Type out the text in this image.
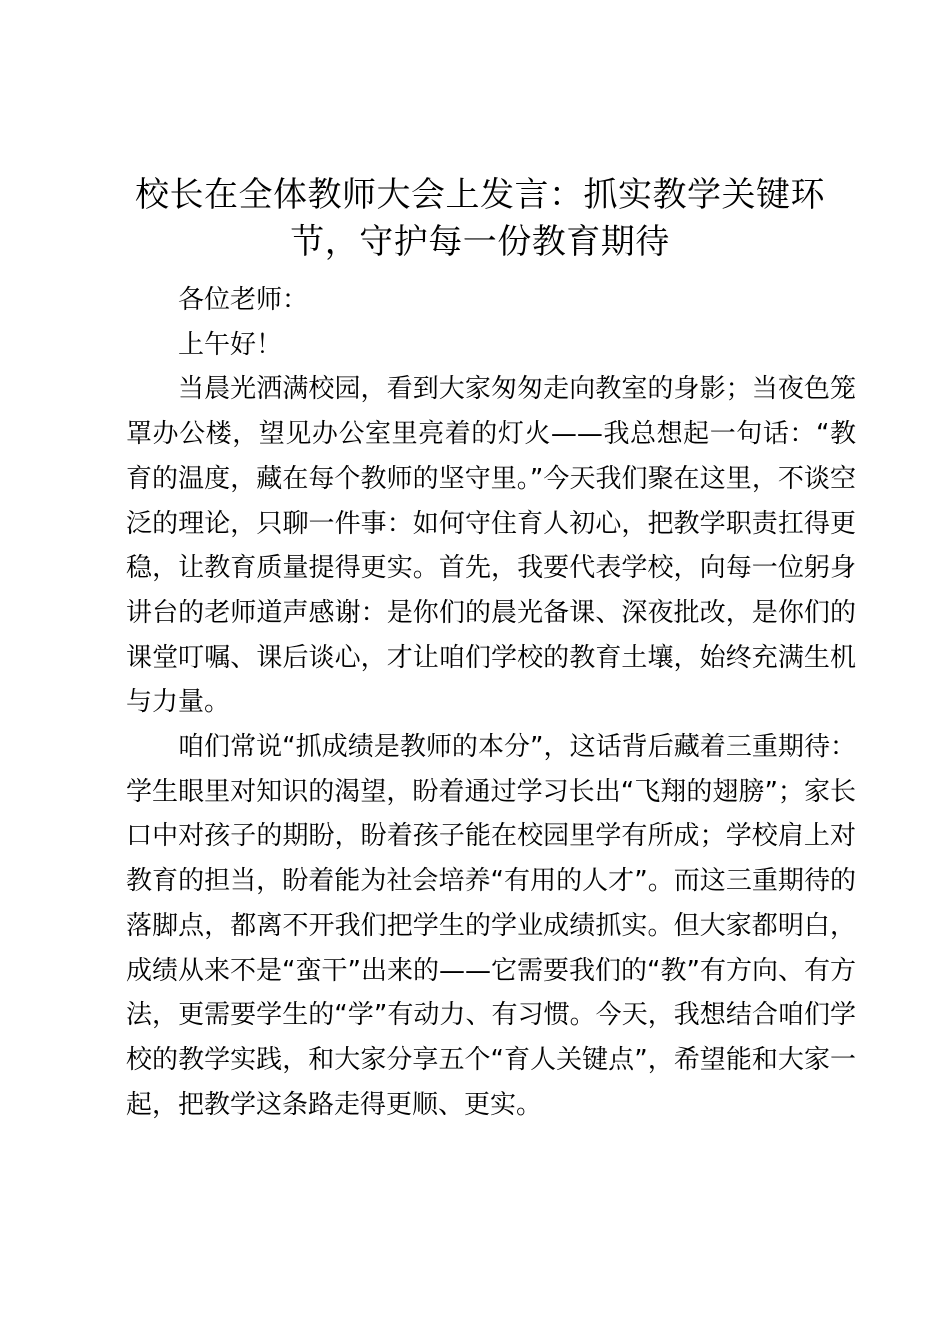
校长在全体教师大会上发言：抓实教学关键环节，守护每一份教育期待

各位老师：

上午好！

当晨光洒满校园，看到大家匆匆走向教室的身影；当夜色笼罩办公楼，望见办公室里亮着的灯火——我总想起一句话：“教育的温度，藏在每个教师的坚守里。”今天我们聚在这里，不谈空泛的理论，只聊一件事：如何守住育人初心，把教学职责扛得更稳，让教育质量提得更实。首先，我要代表学校，向每一位躬身讲台的老师道声感谢：是你们的晨光备课、深夜批改，是你们的课堂叮嘱、课后谈心，才让咱们学校的教育土壤，始终充满生机与力量。

咱们常说“抓成绩是教师的本分”，这话背后藏着三重期待：学生眼里对知识的渴望，盼着通过学习长出“飞翔的翅膀”；家长口中对孩子的期盼，盼着孩子能在校园里学有所成；学校肩上对教育的担当，盼着能为社会培养“有用的人才”。而这三重期待的落脚点，都离不开我们把学生的学业成绩抓实。但大家都明白，成绩从来不是“蛮干”出来的——它需要我们的“教”有方向、有方法，更需要学生的“学”有动力、有习惯。今天，我想结合咱们学校的教学实践，和大家分享五个“育人关键点”，希望能和大家一起，把教学这条路走得更顺、更实。
